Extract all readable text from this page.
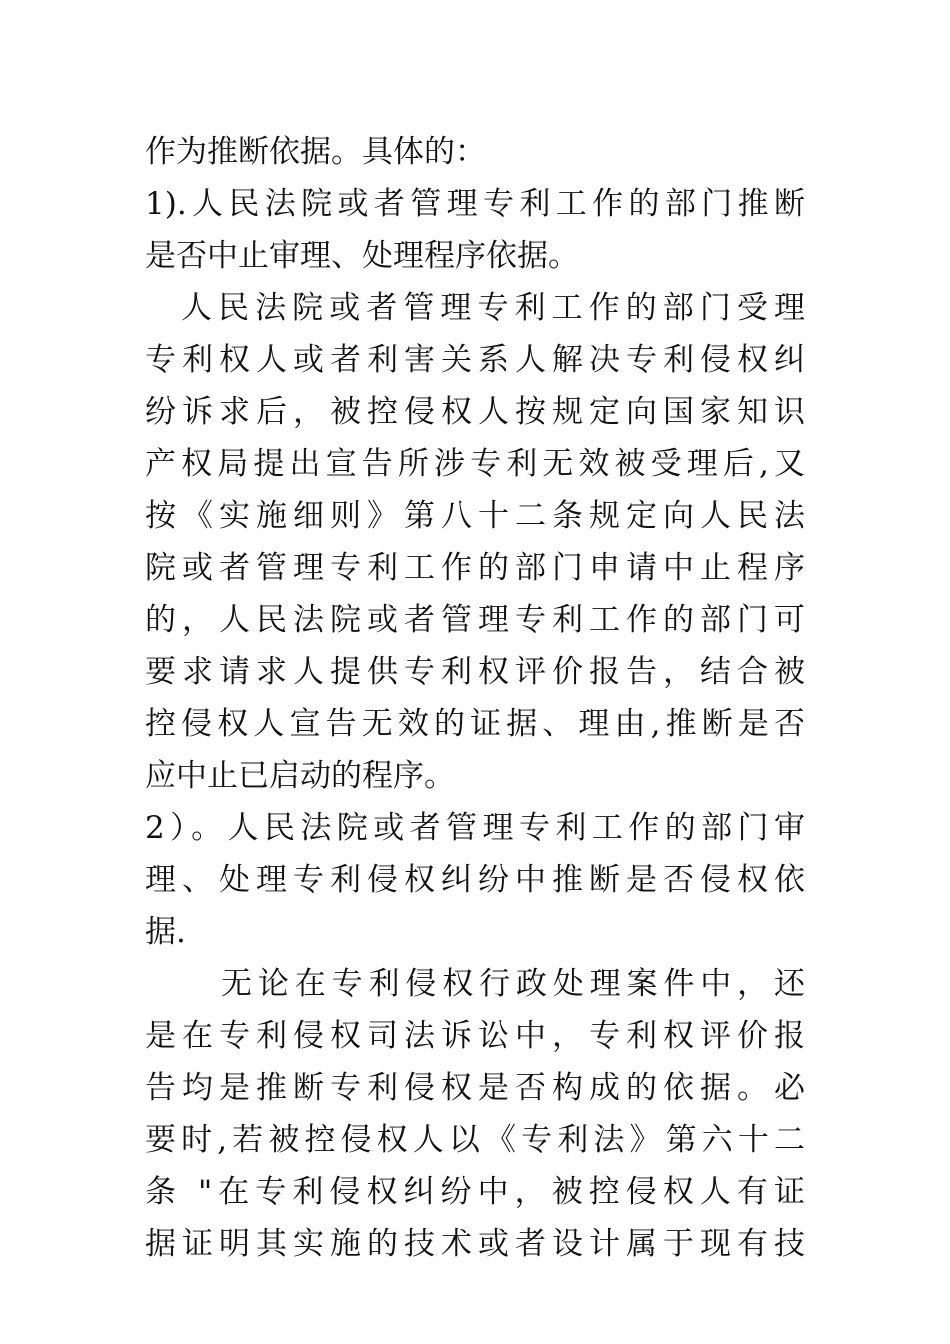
作为推断依据。具体的：
1).人民法院或者管理专利工作的部门推断
是否中止审理、处理程序依据。
人民法院或者管理专利工作的部门受理
专利权人或者利害关系人解决专利侵权纠
纷诉求后，被控侵权人按规定向国家知识
产权局提出宣告所涉专利无效被受理后,又
按《实施细则》第八十二条规定向人民法
院或者管理专利工作的部门申请中止程序
的，人民法院或者管理专利工作的部门可
要求请求人提供专利权评价报告，结合被
控侵权人宣告无效的证据、理由,推断是否
应中止已启动的程序。
2）。人民法院或者管理专利工作的部门审
理、处理专利侵权纠纷中推断是否侵权依
据.
无论在专利侵权行政处理案件中，还
是在专利侵权司法诉讼中，专利权评价报
告均是推断专利侵权是否构成的依据。必
要时,若被控侵权人以《专利法》第六十二
条 "在专利侵权纠纷中，被控侵权人有证
据证明其实施的技术或者设计属于现有技
